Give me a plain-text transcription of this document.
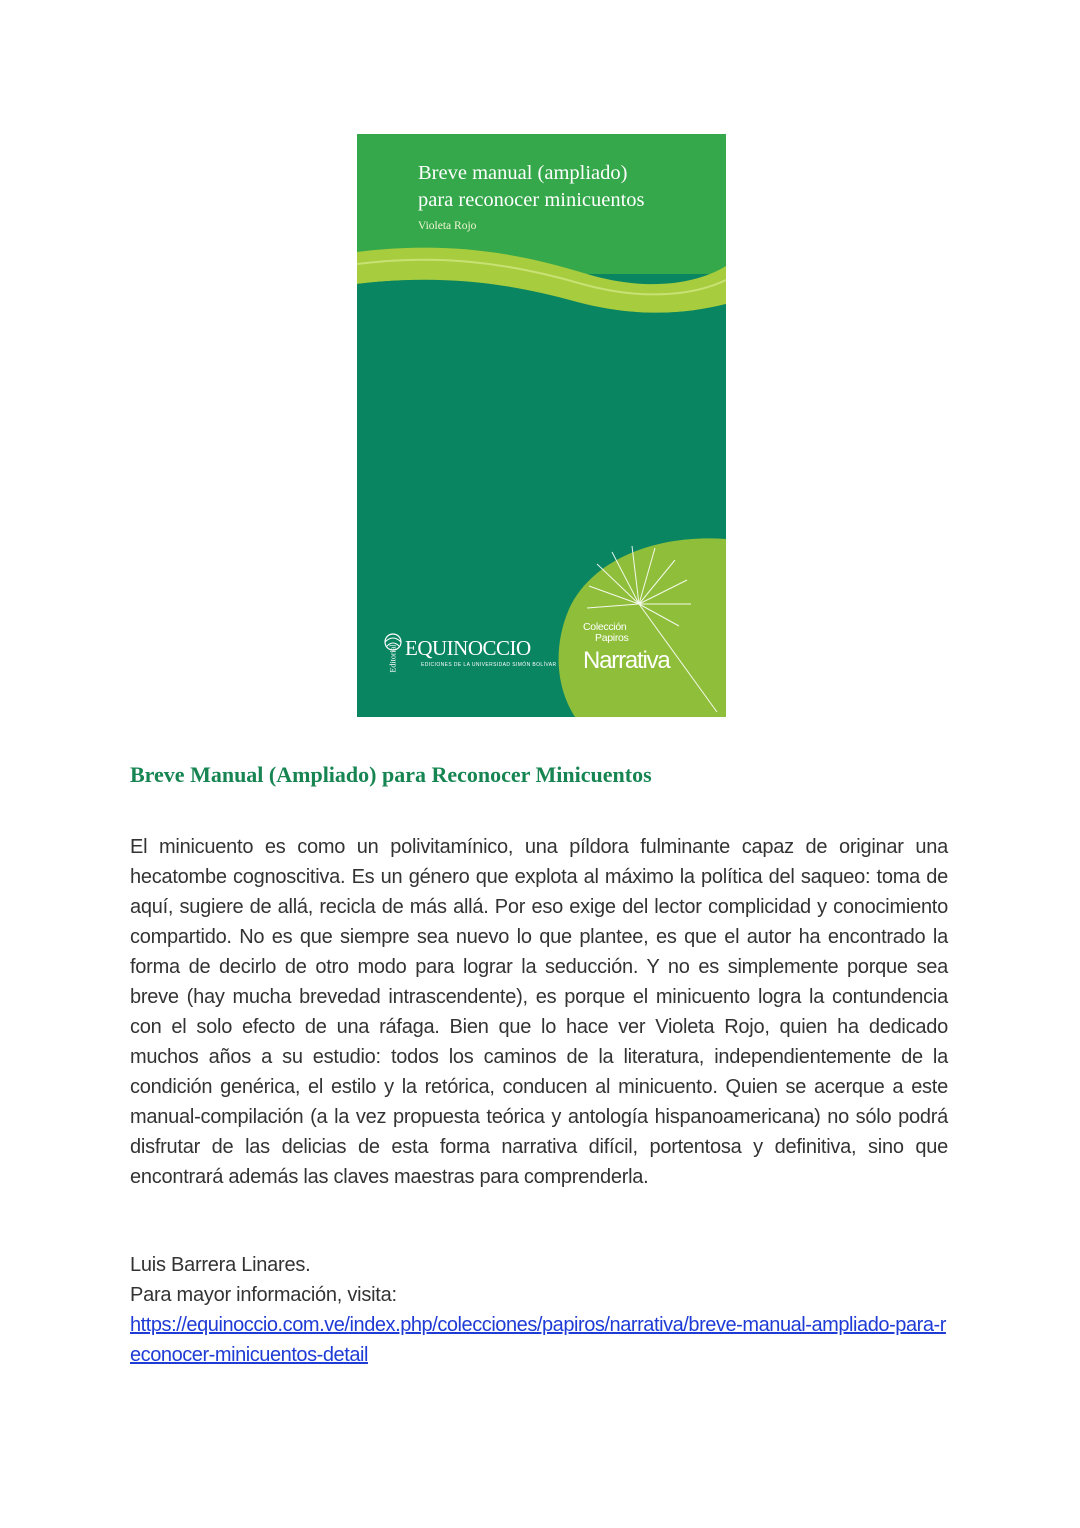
Breve manual (ampliado)
para reconocer minicuentos
Violeta Rojo
Editorial EQUINOCCIO
EDICIONES DE LA UNIVERSIDAD SIMÓN BOLÍVAR
Colección
Papiros
Narrativa
Breve Manual (Ampliado) para Reconocer Minicuentos

El minicuento es como un polivitamínico, una píldora fulminante capaz de originar una hecatombe cognoscitiva. Es un género que explota al máximo la política del saqueo: toma de aquí, sugiere de allá, recicla de más allá. Por eso exige del lector complicidad y conocimiento compartido. No es que siempre sea nuevo lo que plantee, es que el autor ha encontrado la forma de decirlo de otro modo para lograr la seducción. Y no es simplemente porque sea breve (hay mucha brevedad intrascendente), es porque el minicuento logra la contundencia con el solo efecto de una ráfaga. Bien que lo hace ver Violeta Rojo, quien ha dedicado muchos años a su estudio: todos los caminos de la literatura, independientemente de la condición genérica, el estilo y la retórica, conducen al minicuento. Quien se acerque a este manual-compilación (a la vez propuesta teórica y antología hispanoamericana) no sólo podrá disfrutar de las delicias de esta forma narrativa difícil, portentosa y definitiva, sino que encontrará además las claves maestras para comprenderla.

Luis Barrera Linares.
Para mayor información, visita:

https://equinoccio.com.ve/index.php/colecciones/papiros/narrativa/breve-manual-ampliado-para-reconocer-minicuentos-detail
